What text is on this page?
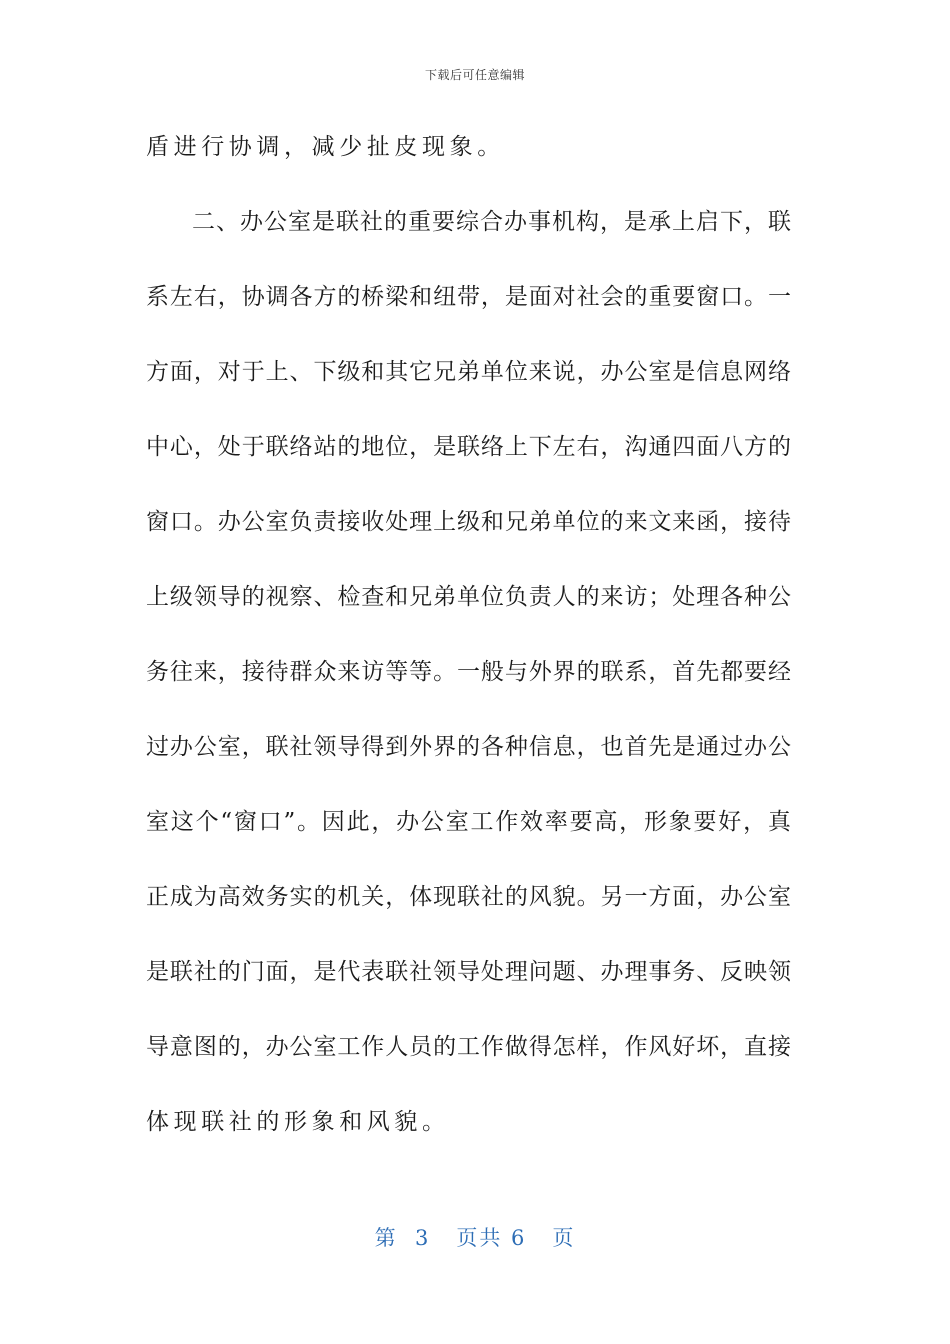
下载后可任意编辑
盾进行协调，减少扯皮现象。
二 、 办 公 室 是 联 社 的 重 要 综 合 办 事 机 构 ， 是 承 上 启 下 ， 联
系 左 右 ， 协 调 各 方 的 桥 梁 和 纽 带 ， 是 面 对 社 会 的 重 要 窗 口 。 一
方 面 ， 对 于 上 、 下 级 和 其 它 兄 弟 单 位 来 说 ， 办 公 室 是 信 息 网 络
中 心 ， 处 于 联 络 站 的 地 位 ， 是 联 络 上 下 左 右 ， 沟 通 四 面 八 方 的
窗 口 。 办 公 室 负 责 接 收 处 理 上 级 和 兄 弟 单 位 的 来 文 来 函 ， 接 待
上 级 领 导 的 视 察 、 检 查 和 兄 弟 单 位 负 责 人 的 来 访 ； 处 理 各 种 公
务 往 来 ， 接 待 群 众 来 访 等 等 。 一 般 与 外 界 的 联 系 ， 首 先 都 要 经
过 办 公 室 ， 联 社 领 导 得 到 外 界 的 各 种 信 息 ， 也 首 先 是 通 过 办 公
室 这 个 “ 窗 口 ” 。 因 此 ， 办 公 室 工 作 效 率 要 高 ， 形 象 要 好 ， 真
正 成 为 高 效 务 实 的 机 关 ， 体 现 联 社 的 风 貌 。 另 一 方 面 ， 办 公 室
是 联 社 的 门 面 ， 是 代 表 联 社 领 导 处 理 问 题 、 办 理 事 务 、 反 映 领
导 意 图 的 ， 办 公 室 工 作 人 员 的 工 作 做 得 怎 样 ， 作 风 好 坏 ， 直 接
体现联社的形象和风貌。
第  3   页共 6   页
